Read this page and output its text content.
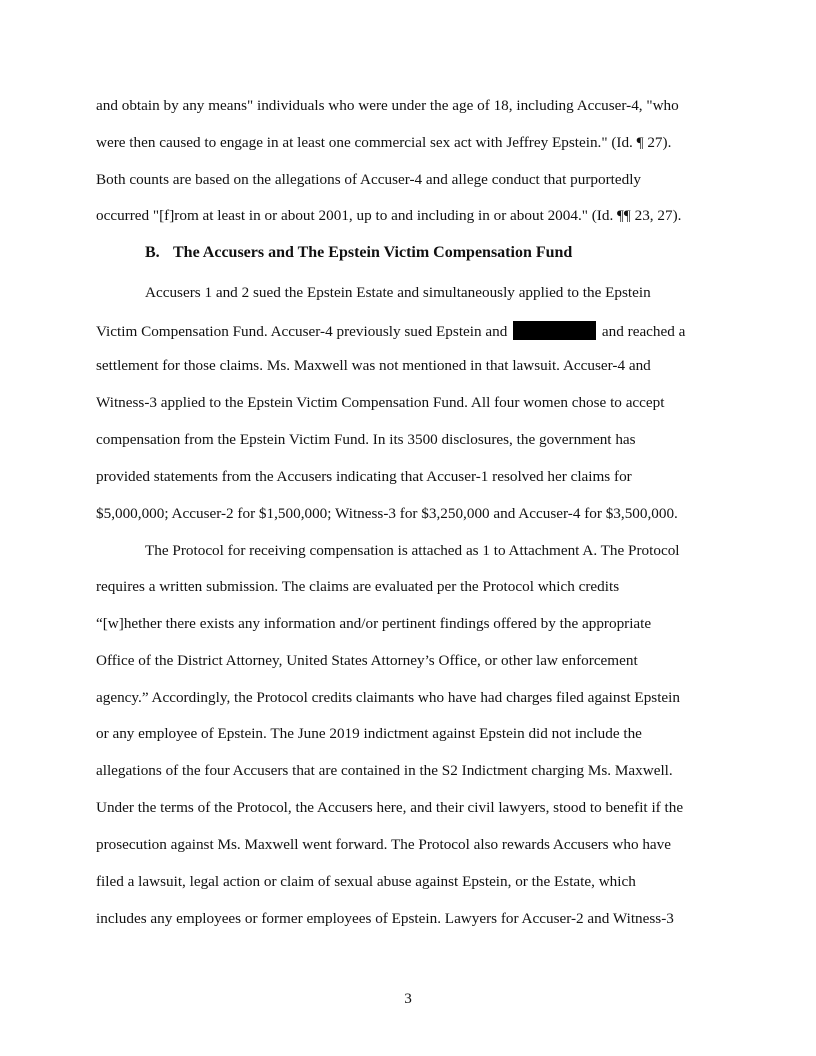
and obtain by any means" individuals who were under the age of 18, including Accuser-4, "who
were then caused to engage in at least one commercial sex act with Jeffrey Epstein." (Id. ¶ 27).
Both counts are based on the allegations of Accuser-4 and allege conduct that purportedly
occurred "[f]rom at least in or about 2001, up to and including in or about 2004." (Id. ¶¶ 23, 27).
B. The Accusers and The Epstein Victim Compensation Fund
Accusers 1 and 2 sued the Epstein Estate and simultaneously applied to the Epstein
Victim Compensation Fund. Accuser-4 previously sued Epstein and	and reached a
settlement for those claims. Ms. Maxwell was not mentioned in that lawsuit. Accuser-4 and
Witness-3 applied to the Epstein Victim Compensation Fund. All four women chose to accept
compensation from the Epstein Victim Fund. In its 3500 disclosures, the government has
provided statements from the Accusers indicating that Accuser-1 resolved her claims for
$5,000,000; Accuser-2 for $1,500,000; Witness-3 for $3,250,000 and Accuser-4 for $3,500,000.
The Protocol for receiving compensation is attached as 1 to Attachment A. The Protocol
requires a written submission. The claims are evaluated per the Protocol which credits
“[w]hether there exists any information and/or pertinent findings offered by the appropriate
Office of the District Attorney, United States Attorney’s Office, or other law enforcement
agency.” Accordingly, the Protocol credits claimants who have had charges filed against Epstein
or any employee of Epstein. The June 2019 indictment against Epstein did not include the
allegations of the four Accusers that are contained in the S2 Indictment charging Ms. Maxwell.
Under the terms of the Protocol, the Accusers here, and their civil lawyers, stood to benefit if the
prosecution against Ms. Maxwell went forward. The Protocol also rewards Accusers who have
filed a lawsuit, legal action or claim of sexual abuse against Epstein, or the Estate, which
includes any employees or former employees of Epstein. Lawyers for Accuser-2 and Witness-3
3
